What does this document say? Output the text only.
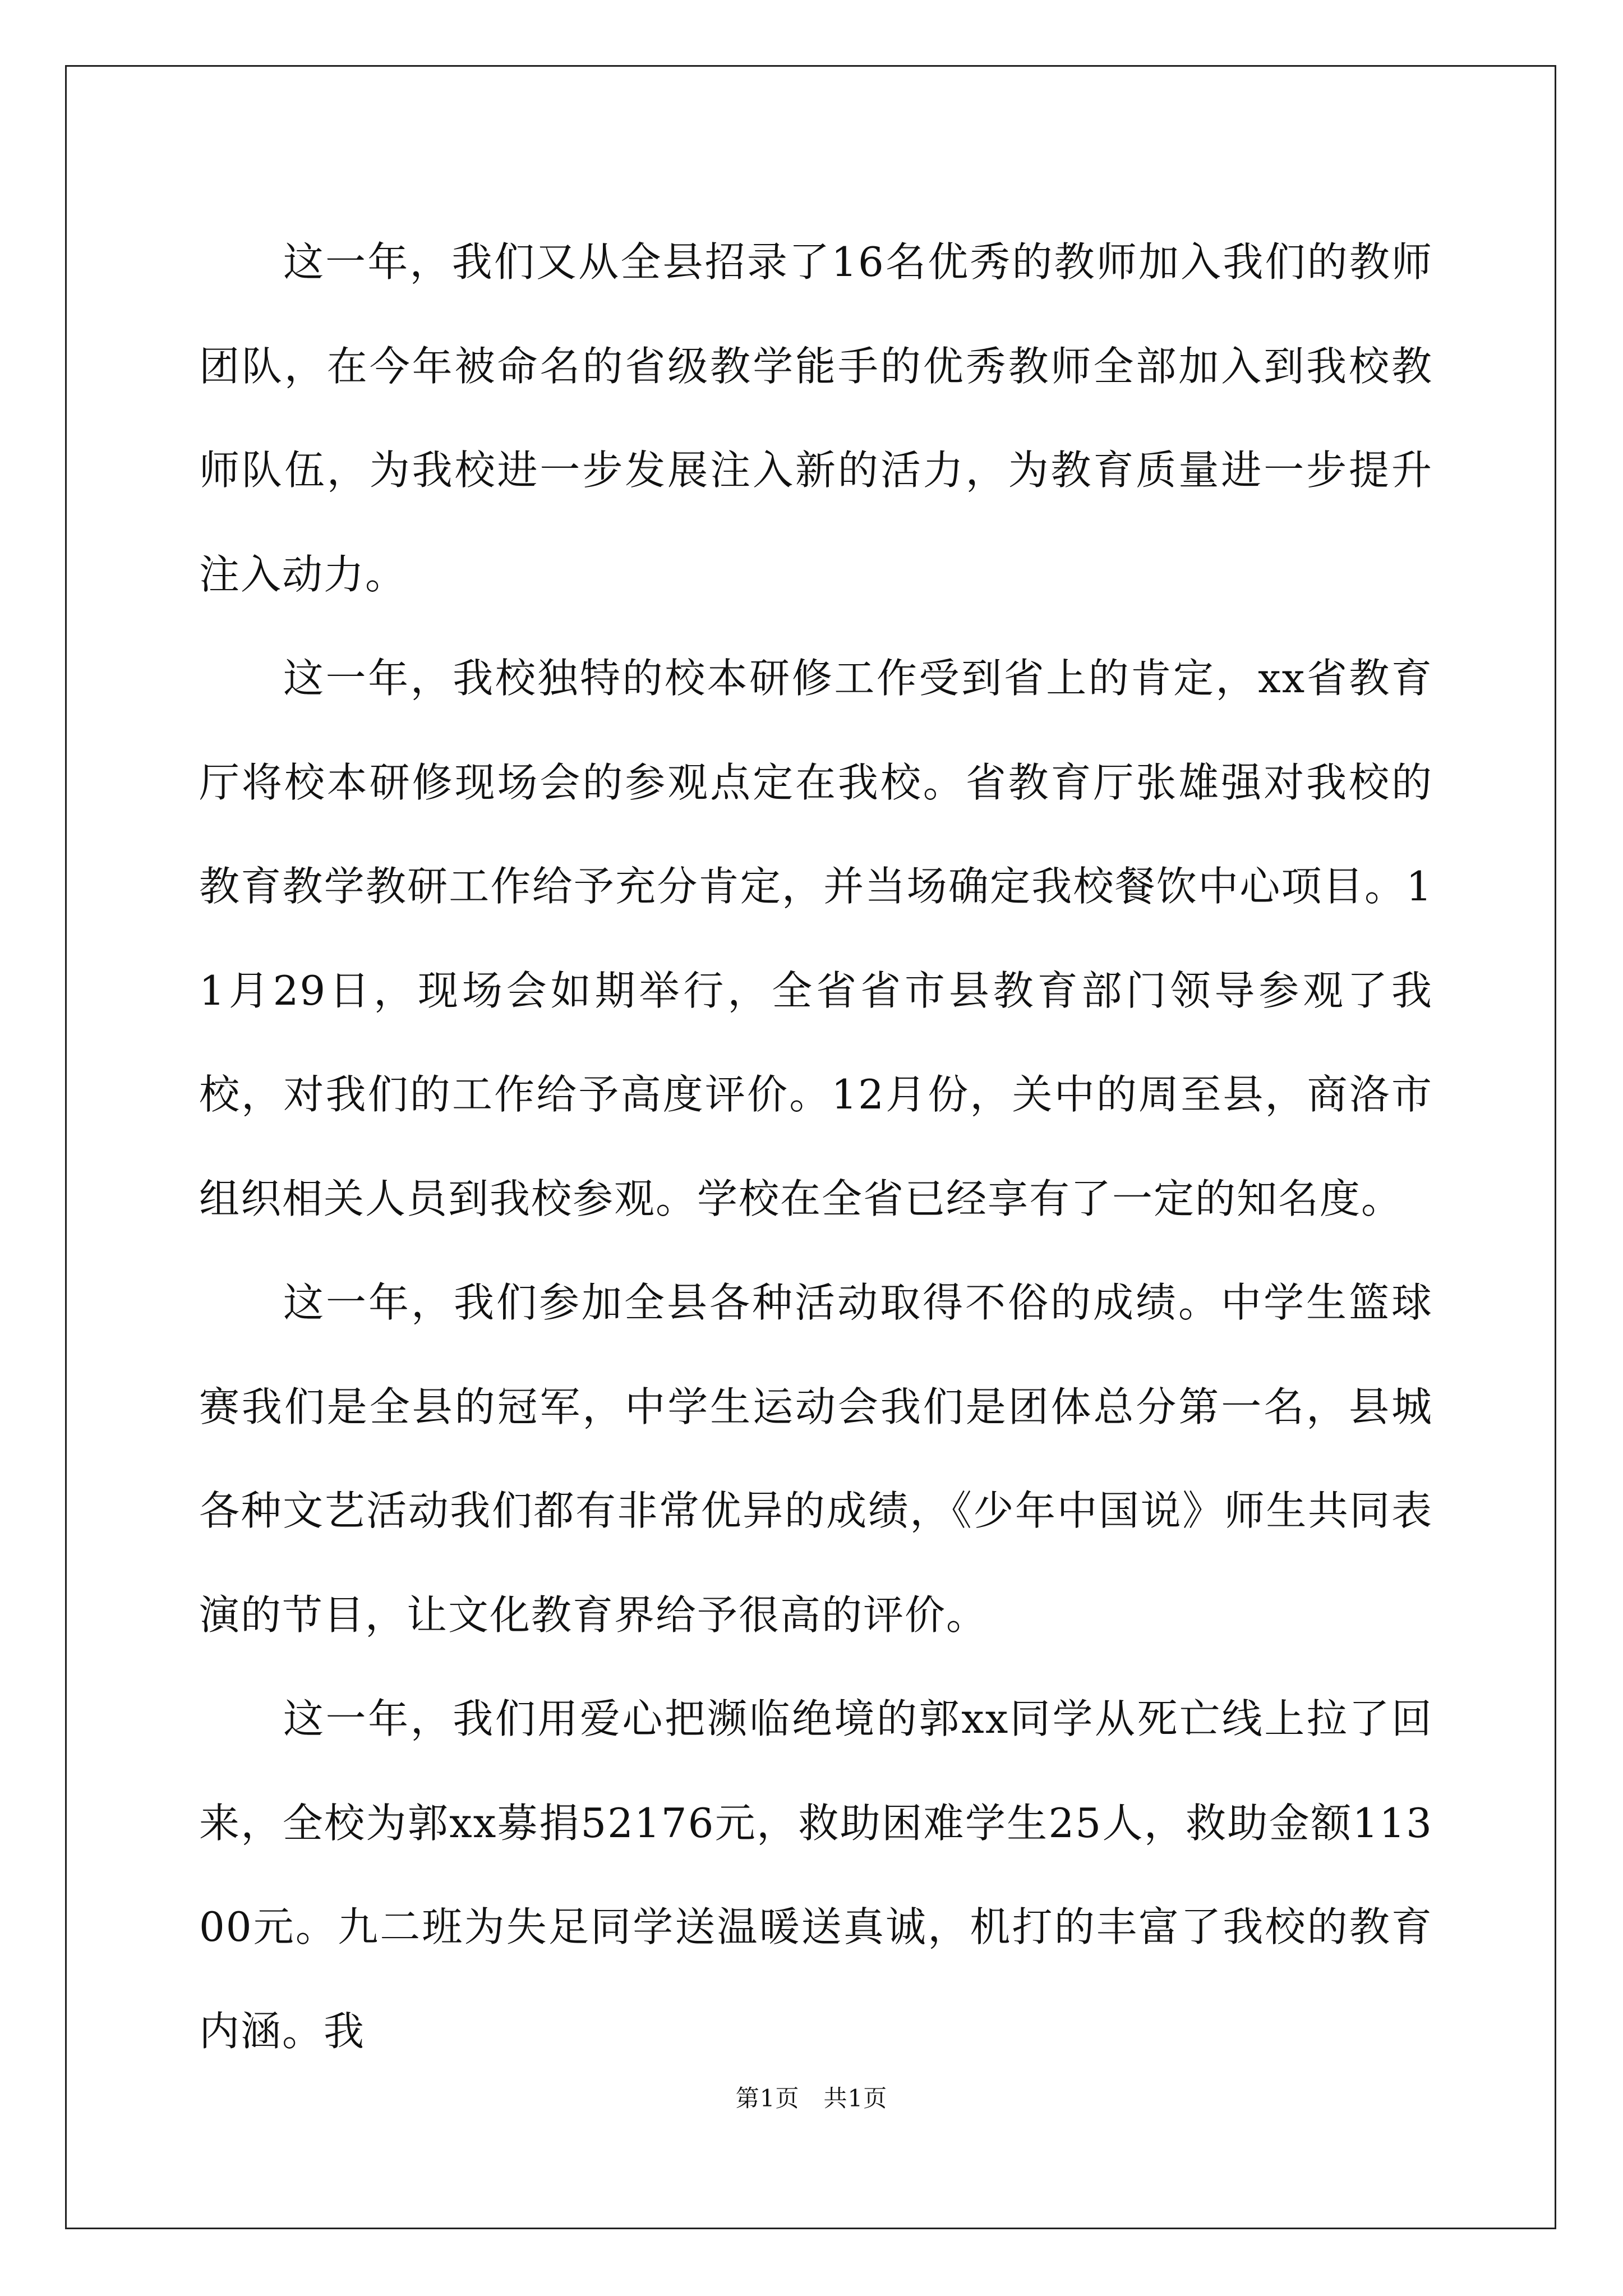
这一年，我们又从全县招录了16名优秀的教师加入我们的教师团队，在今年被命名的省级教学能手的优秀教师全部加入到我校教师队伍，为我校进一步发展注入新的活力，为教育质量进一步提升注入动力。

这一年，我校独特的校本研修工作受到省上的肯定，xx省教育厅将校本研修现场会的参观点定在我校。省教育厅张雄强对我校的教育教学教研工作给予充分肯定，并当场确定我校餐饮中心项目。11月29日，现场会如期举行，全省省市县教育部门领导参观了我校，对我们的工作给予高度评价。12月份，关中的周至县，商洛市组织相关人员到我校参观。学校在全省已经享有了一定的知名度。

这一年，我们参加全县各种活动取得不俗的成绩。中学生篮球赛我们是全县的冠军，中学生运动会我们是团体总分第一名，县城各种文艺活动我们都有非常优异的成绩，《少年中国说》师生共同表演的节目，让文化教育界给予很高的评价。

这一年，我们用爱心把濒临绝境的郭xx同学从死亡线上拉了回来，全校为郭xx募捐52176元，救助困难学生25人，救助金额11300元。九二班为失足同学送温暖送真诚，机打的丰富了我校的教育内涵。我

第1页　共1页
